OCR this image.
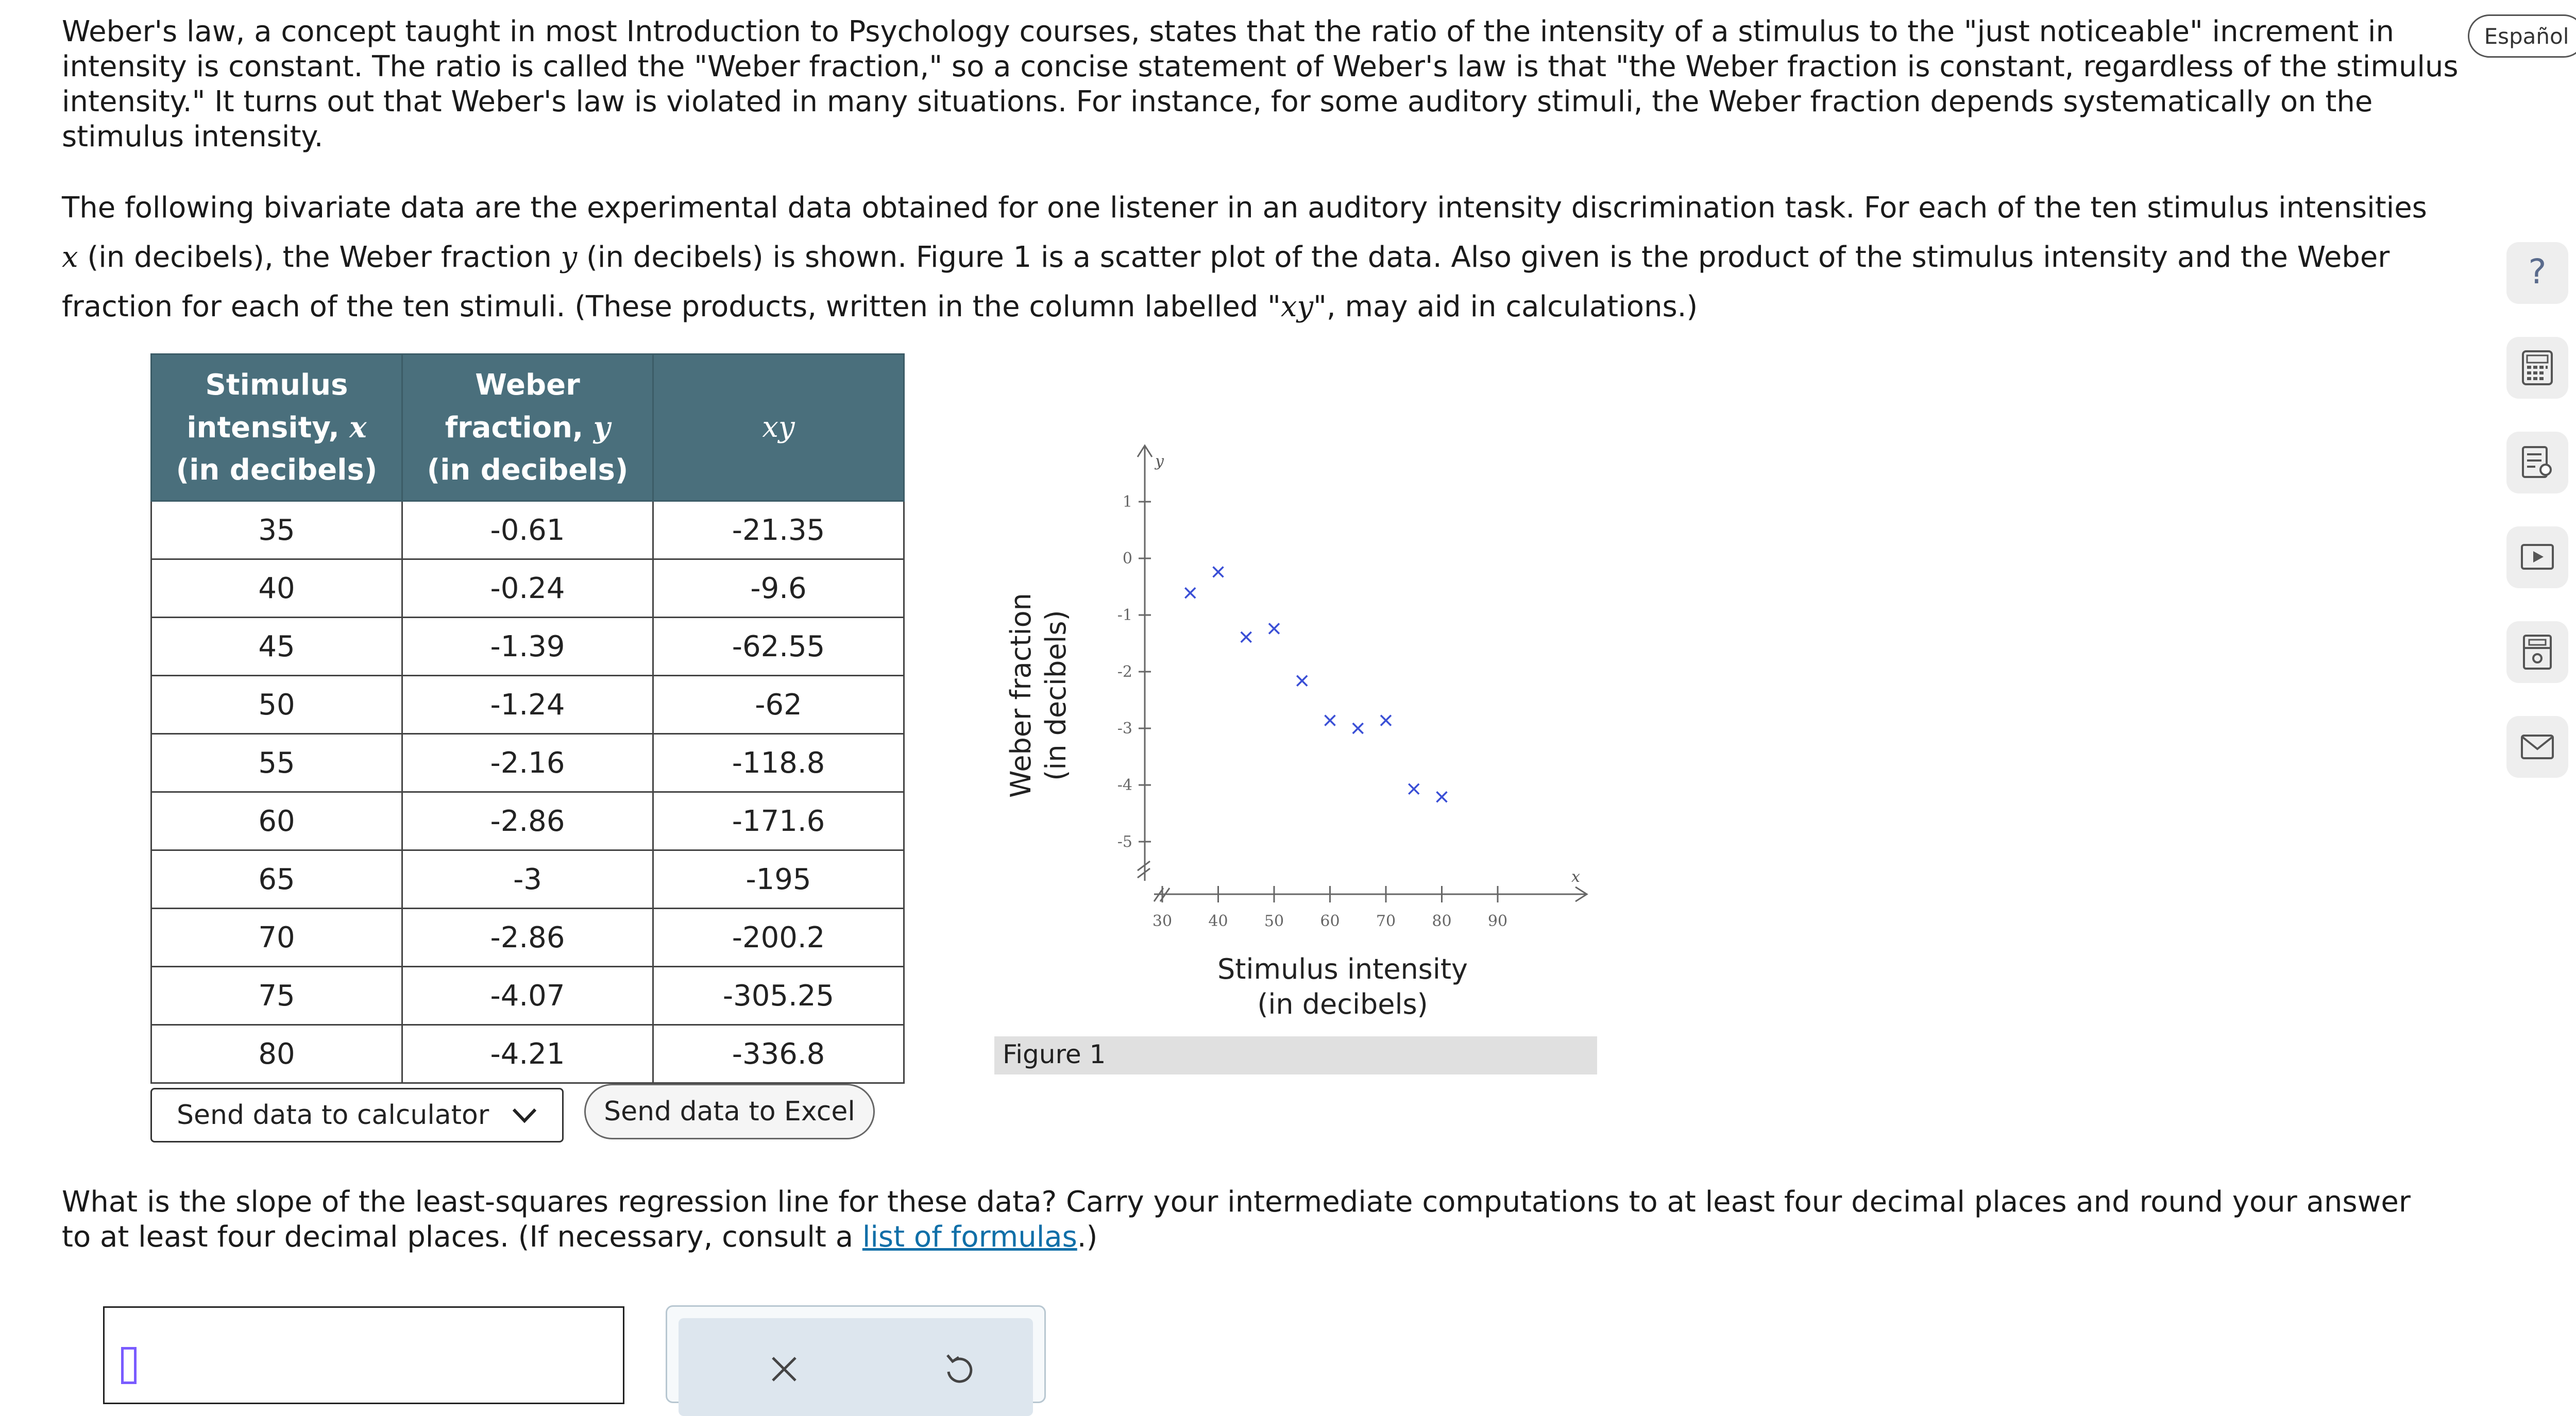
Weber's law, a concept taught in most Introduction to Psychology courses, states that the ratio of the intensity of a stimulus to the "just noticeable" increment in intensity is constant. The ratio is called the "Weber fraction," so a concise statement of Weber's law is that "the Weber fraction is constant, regardless of the stimulus intensity." It turns out that Weber's law is violated in many situations. For instance, for some auditory stimuli, the Weber fraction depends systematically on the stimulus intensity.

Español

The following bivariate data are the experimental data obtained for one listener in an auditory intensity discrimination task. For each of the ten stimulus intensities x (in decibels), the Weber fraction y (in decibels) is shown. Figure 1 is a scatter plot of the data. Also given is the product of the stimulus intensity and the Weber fraction for each of the ten stimuli. (These products, written in the column labelled "xy", may aid in calculations.)

?
Stimulus
intensity, x
(in decibels)	Weber
fraction, y
(in decibels)	xy
35	-0.61	-21.35
40	-0.24	-9.6
45	-1.39	-62.55
50	-1.24	-62
55	-2.16	-118.8
60	-2.86	-171.6
65	-3	-195
70	-2.86	-200.2
75	-4.07	-305.25
80	-4.21	-336.8
Send data to calculator	Send data to Excel
y
x
1
0
-1
-2
-3
-4
-5
30 40 50 60 70 80 90
Weber fraction (in decibels)
Stimulus intensity
(in decibels)
Figure 1

What is the slope of the least-squares regression line for these data? Carry your intermediate computations to at least four decimal places and round your answer to at least four decimal places. (If necessary, consult a list of formulas.)
